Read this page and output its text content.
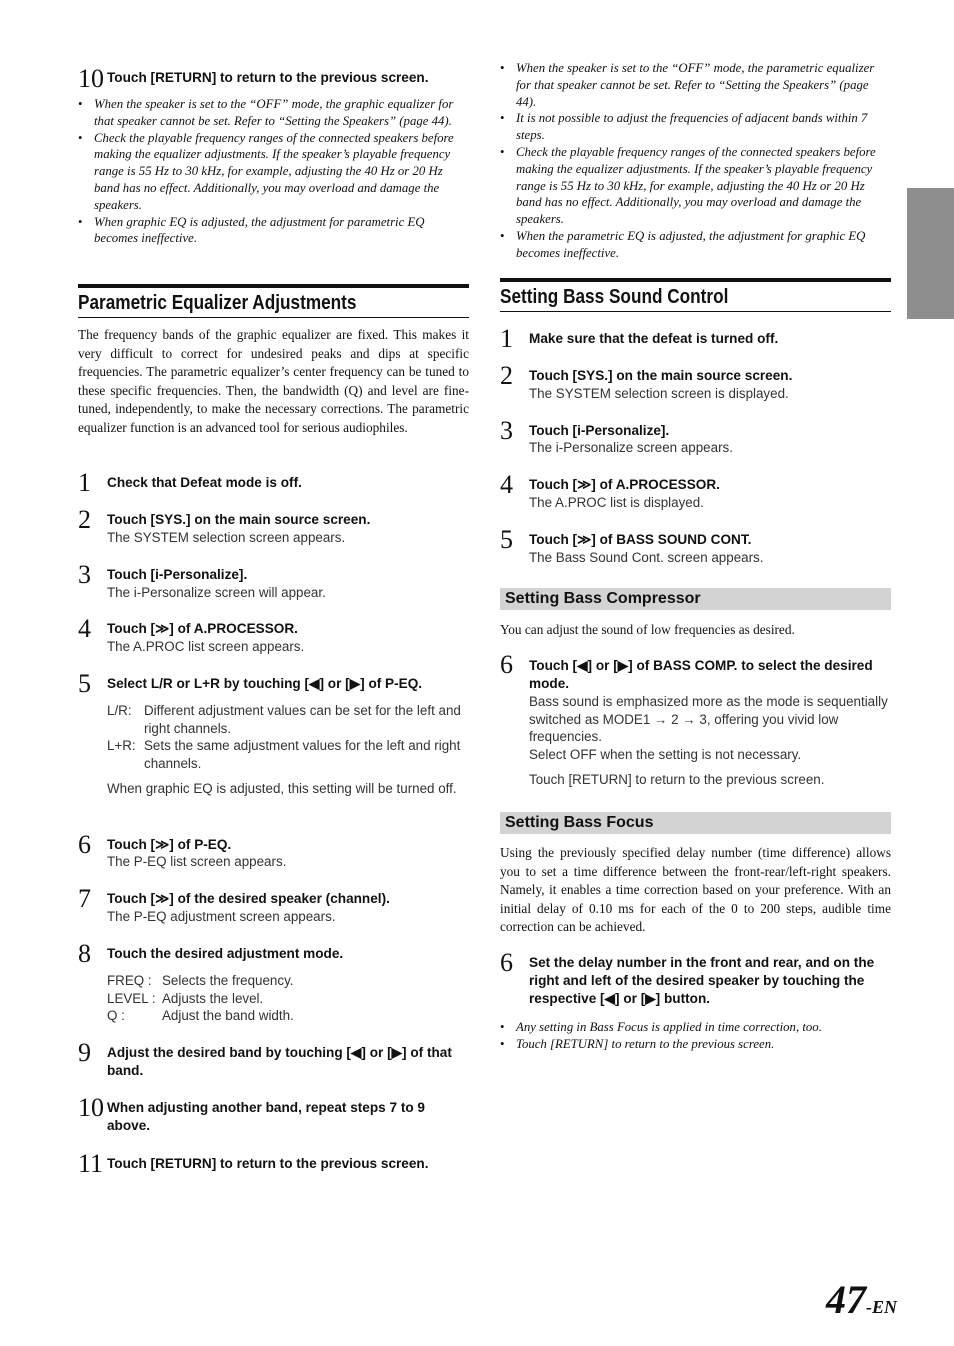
10 Touch [RETURN] to return to the previous screen.
• When the speaker is set to the “OFF” mode, the graphic equalizer for that speaker cannot be set. Refer to “Setting the Speakers” (page 44).
• Check the playable frequency ranges of the connected speakers before making the equalizer adjustments. If the speaker’s playable frequency range is 55 Hz to 30 kHz, for example, adjusting the 40 Hz or 20 Hz band has no effect. Additionally, you may overload and damage the speakers.
• When graphic EQ is adjusted, the adjustment for parametric EQ becomes ineffective.
Parametric Equalizer Adjustments
The frequency bands of the graphic equalizer are fixed. This makes it very difficult to correct for undesired peaks and dips at specific frequencies. The parametric equalizer’s center frequency can be tuned to these specific frequencies. Then, the bandwidth (Q) and level are fine-tuned, independently, to make the necessary corrections. The parametric equalizer function is an advanced tool for serious audiophiles.
1 Check that Defeat mode is off.
2 Touch [SYS.] on the main source screen.
The SYSTEM selection screen appears.
3 Touch [i-Personalize].
The i-Personalize screen will appear.
4 Touch [≫] of A.PROCESSOR.
The A.PROC list screen appears.
5 Select L/R or L+R by touching [◀] or [▶] of P-EQ.
L/R: Different adjustment values can be set for the left and right channels.
L+R: Sets the same adjustment values for the left and right channels.
When graphic EQ is adjusted, this setting will be turned off.
6 Touch [≫] of P-EQ.
The P-EQ list screen appears.
7 Touch [≫] of the desired speaker (channel).
The P-EQ adjustment screen appears.
8 Touch the desired adjustment mode.
FREQ : Selects the frequency.
LEVEL : Adjusts the level.
Q :	Adjust the band width.
9 Adjust the desired band by touching [◀] or [▶] of that band.
10 When adjusting another band, repeat steps 7 to 9 above.
11 Touch [RETURN] to return to the previous screen.
• When the speaker is set to the “OFF” mode, the parametric equalizer for that speaker cannot be set. Refer to “Setting the Speakers” (page 44).
• It is not possible to adjust the frequencies of adjacent bands within 7 steps.
• Check the playable frequency ranges of the connected speakers before making the equalizer adjustments. If the speaker’s playable frequency range is 55 Hz to 30 kHz, for example, adjusting the 40 Hz or 20 Hz band has no effect. Additionally, you may overload and damage the speakers.
• When the parametric EQ is adjusted, the adjustment for graphic EQ becomes ineffective.
Setting Bass Sound Control
1 Make sure that the defeat is turned off.
2 Touch [SYS.] on the main source screen.
The SYSTEM selection screen is displayed.
3 Touch [i-Personalize].
The i-Personalize screen appears.
4 Touch [≫] of A.PROCESSOR.
The A.PROC list is displayed.
5 Touch [≫] of BASS SOUND CONT.
The Bass Sound Cont. screen appears.
Setting Bass Compressor
You can adjust the sound of low frequencies as desired.
6 Touch [◀] or [▶] of BASS COMP. to select the desired mode.
Bass sound is emphasized more as the mode is sequentially switched as MODE1 → 2 → 3, offering you vivid low frequencies.
Select OFF when the setting is not necessary.
Touch [RETURN] to return to the previous screen.
Setting Bass Focus
Using the previously specified delay number (time difference) allows you to set a time difference between the front-rear/left-right speakers. Namely, it enables a time correction based on your preference. With an initial delay of 0.10 ms for each of the 0 to 200 steps, audible time correction can be achieved.
6 Set the delay number in the front and rear, and on the right and left of the desired speaker by touching the respective [◀] or [▶] button.
• Any setting in Bass Focus is applied in time correction, too.
• Touch [RETURN] to return to the previous screen.
47-EN
